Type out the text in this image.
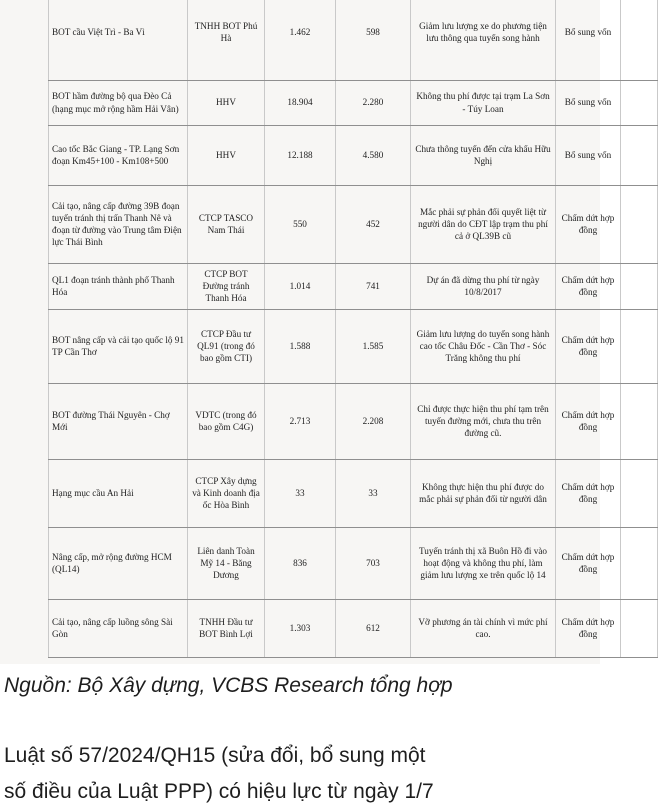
BOT cầu Việt Trì - Ba Vì	TNHH BOT Phú Hà	1.462	598	Giảm lưu lượng xe do phương tiện lưu thông qua tuyến song hành	Bổ sung vốn	
BOT hầm đường bộ qua Đèo Cả (hạng mục mở rộng hầm Hải Vân)	HHV	18.904	2.280	Không thu phí được tại trạm La Sơn - Túy Loan	Bổ sung vốn	
Cao tốc Bắc Giang - TP. Lạng Sơn đoạn Km45+100 - Km108+500	HHV	12.188	4.580	Chưa thông tuyến đến cửa khẩu Hữu Nghị	Bổ sung vốn	
Cải tạo, nâng cấp đường 39B đoạn tuyến tránh thị trấn Thanh Nê và đoạn từ đường vào Trung tâm Điện lực Thái Bình	CTCP TASCO Nam Thái	550	452	Mắc phải sự phản đối quyết liệt từ người dân do CĐT lập trạm thu phí cả ở QL39B cũ	Chấm dứt hợp đồng	
QL1 đoạn tránh thành phố Thanh Hóa	CTCP BOT Đường tránh Thanh Hóa	1.014	741	Dự án đã dừng thu phí từ ngày 10/8/2017	Chấm dứt hợp đồng	
BOT nâng cấp và cải tạo quốc lộ 91 TP Cần Thơ	CTCP Đầu tư QL91 (trong đó bao gồm CTI)	1.588	1.585	Giảm lưu lượng do tuyến song hành cao tốc Châu Đốc - Cần Thơ - Sóc Trăng không thu phí	Chấm dứt hợp đồng	
BOT đường Thái Nguyên - Chợ Mới	VDTC (trong đó bao gồm C4G)	2.713	2.208	Chỉ được thực hiện thu phí tạm trên tuyến đường mới, chưa thu trên đường cũ.	Chấm dứt hợp đồng	
Hạng mục cầu An Hải	CTCP Xây dựng và Kinh doanh địa ốc Hòa Bình	33	33	Không thực hiện thu phí được do mắc phải sự phản đối từ người dân	Chấm dứt hợp đồng	
Nâng cấp, mở rộng đường HCM (QL14)	Liên danh Toàn Mỹ 14 - Băng Dương	836	703	Tuyến tránh thị xã Buôn Hồ đi vào hoạt động và không thu phí, làm giảm lưu lượng xe trên quốc lộ 14	Chấm dứt hợp đồng	
Cải tạo, nâng cấp luồng sông Sài Gòn	TNHH Đầu tư BOT Bình Lợi	1.303	612	Vỡ phương án tài chính vì mức phí cao.	Chấm dứt hợp đồng	
Nguồn: Bộ Xây dựng, VCBS Research tổng hợp
Luật số 57/2024/QH15 (sửa đổi, bổ sung một
số điều của Luật PPP) có hiệu lực từ ngày 1/7
